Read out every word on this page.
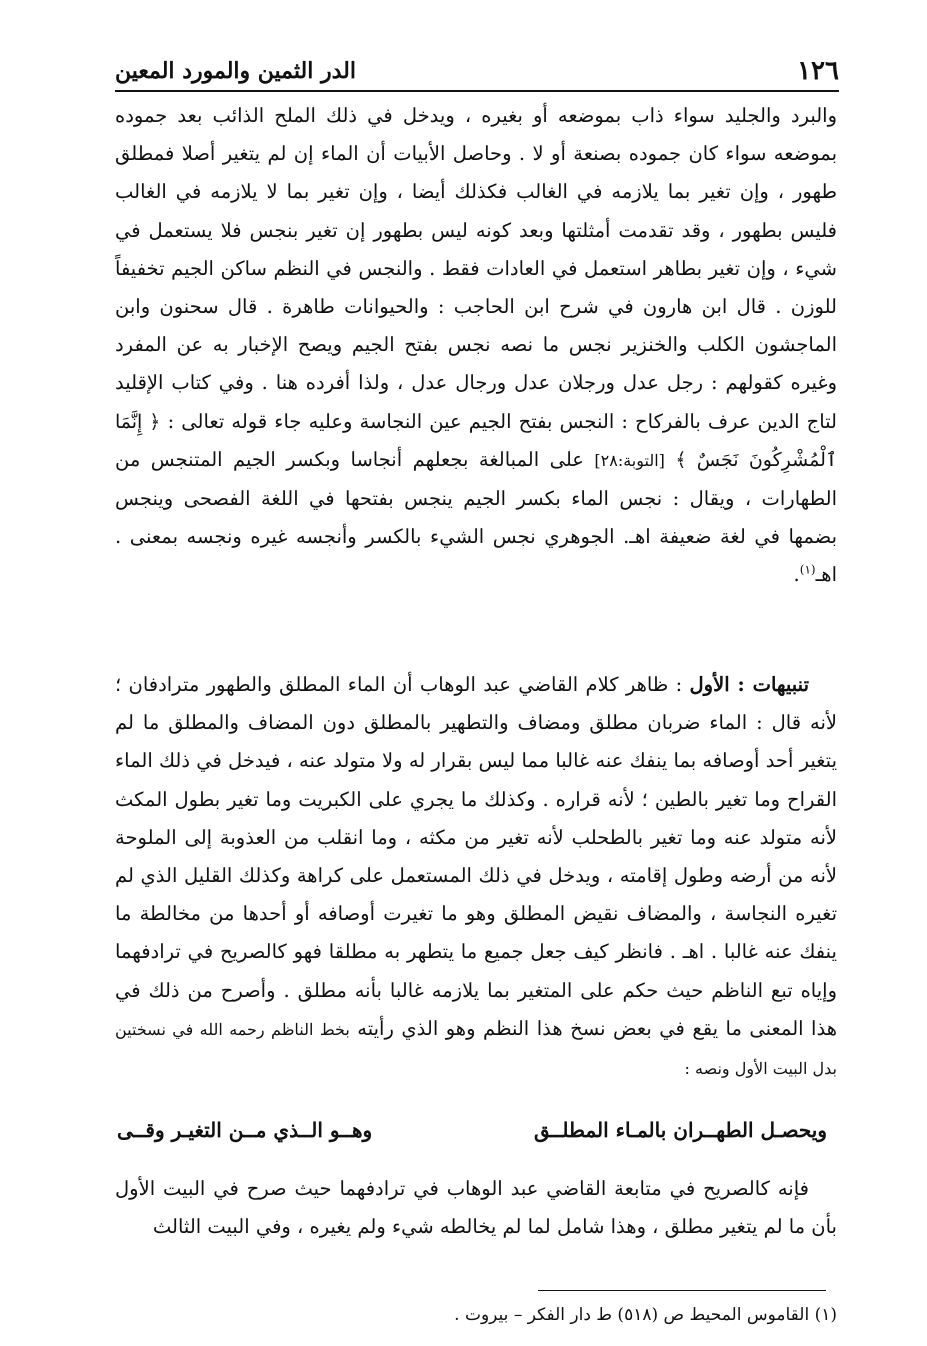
١٢٦
الدر الثمين والمورد المعين

والبرد والجليد سواء ذاب بموضعه أو بغيره ، ويدخل في ذلك الملح الذائب بعد جموده بموضعه سواء كان جموده بصنعة أو لا . وحاصل الأبيات أن الماء إن لم يتغير أصلا فمطلق طهور ، وإن تغير بما يلازمه في الغالب فكذلك أيضا ، وإن تغير بما لا يلازمه في الغالب فليس بطهور ، وقد تقدمت أمثلتها وبعد كونه ليس بطهور إن تغير بنجس فلا يستعمل في شيء ، وإن تغير بطاهر استعمل في العادات فقط . والنجس في النظم ساكن الجيم تخفيفاً للوزن . قال ابن هارون في شرح ابن الحاجب : والحيوانات طاهرة . قال سحنون وابن الماجشون الكلب والخنزير نجس ما نصه نجس بفتح الجيم ويصح الإخبار به عن المفرد وغيره كقولهم : رجل عدل ورجلان عدل ورجال عدل ، ولذا أفرده هنا . وفي كتاب الإقليد لتاج الدين عرف بالفركاح : النجس بفتح الجيم عين النجاسة وعليه جاء قوله تعالى : ﴿ إِنَّمَا ٱلْمُشْرِكُونَ نَجَسٌ ﴾ [التوبة:٢٨] على المبالغة بجعلهم أنجاسا وبكسر الجيم المتنجس من الطهارات ، ويقال : نجس الماء بكسر الجيم ينجس بفتحها في اللغة الفصحى وينجس بضمها في لغة ضعيفة اهـ. الجوهري نجس الشيء بالكسر وأنجسه غيره ونجسه بمعنى . اهـ$^{(١)}$.

تنبيهات : الأول : ظاهر كلام القاضي عبد الوهاب أن الماء المطلق والطهور مترادفان ؛ لأنه قال : الماء ضربان مطلق ومضاف والتطهير بالمطلق دون المضاف والمطلق ما لم يتغير أحد أوصافه بما ينفك عنه غالبا مما ليس بقرار له ولا متولد عنه ، فيدخل في ذلك الماء القراح وما تغير بالطين ؛ لأنه قراره . وكذلك ما يجري على الكبريت وما تغير بطول المكث لأنه متولد عنه وما تغير بالطحلب لأنه تغير من مكثه ، وما انقلب من العذوبة إلى الملوحة لأنه من أرضه وطول إقامته ، ويدخل في ذلك المستعمل على كراهة وكذلك القليل الذي لم تغيره النجاسة ، والمضاف نقيض المطلق وهو ما تغيرت أوصافه أو أحدها من مخالطة ما ينفك عنه غالبا . اهـ . فانظر كيف جعل جميع ما يتطهر به مطلقا فهو كالصريح في ترادفهما وإياه تبع الناظم حيث حكم على المتغير بما يلازمه غالبا بأنه مطلق . وأصرح من ذلك في هذا المعنى ما يقع في بعض نسخ هذا النظم وهو الذي رأيته بخط الناظم رحمه الله في نسختين بدل البيت الأول ونصه :

ويحصـل الطهــران بالمـاء المطلــق
وهــو الــذي مــن التغيـر وقــى

فإنه كالصريح في متابعة القاضي عبد الوهاب في ترادفهما حيث صرح في البيت الأول بأن ما لم يتغير مطلق ، وهذا شامل لما لم يخالطه شيء ولم يغيره ، وفي البيت الثالث

(١) القاموس المحيط ص (٥١٨) ط دار الفكر – بيروت .
